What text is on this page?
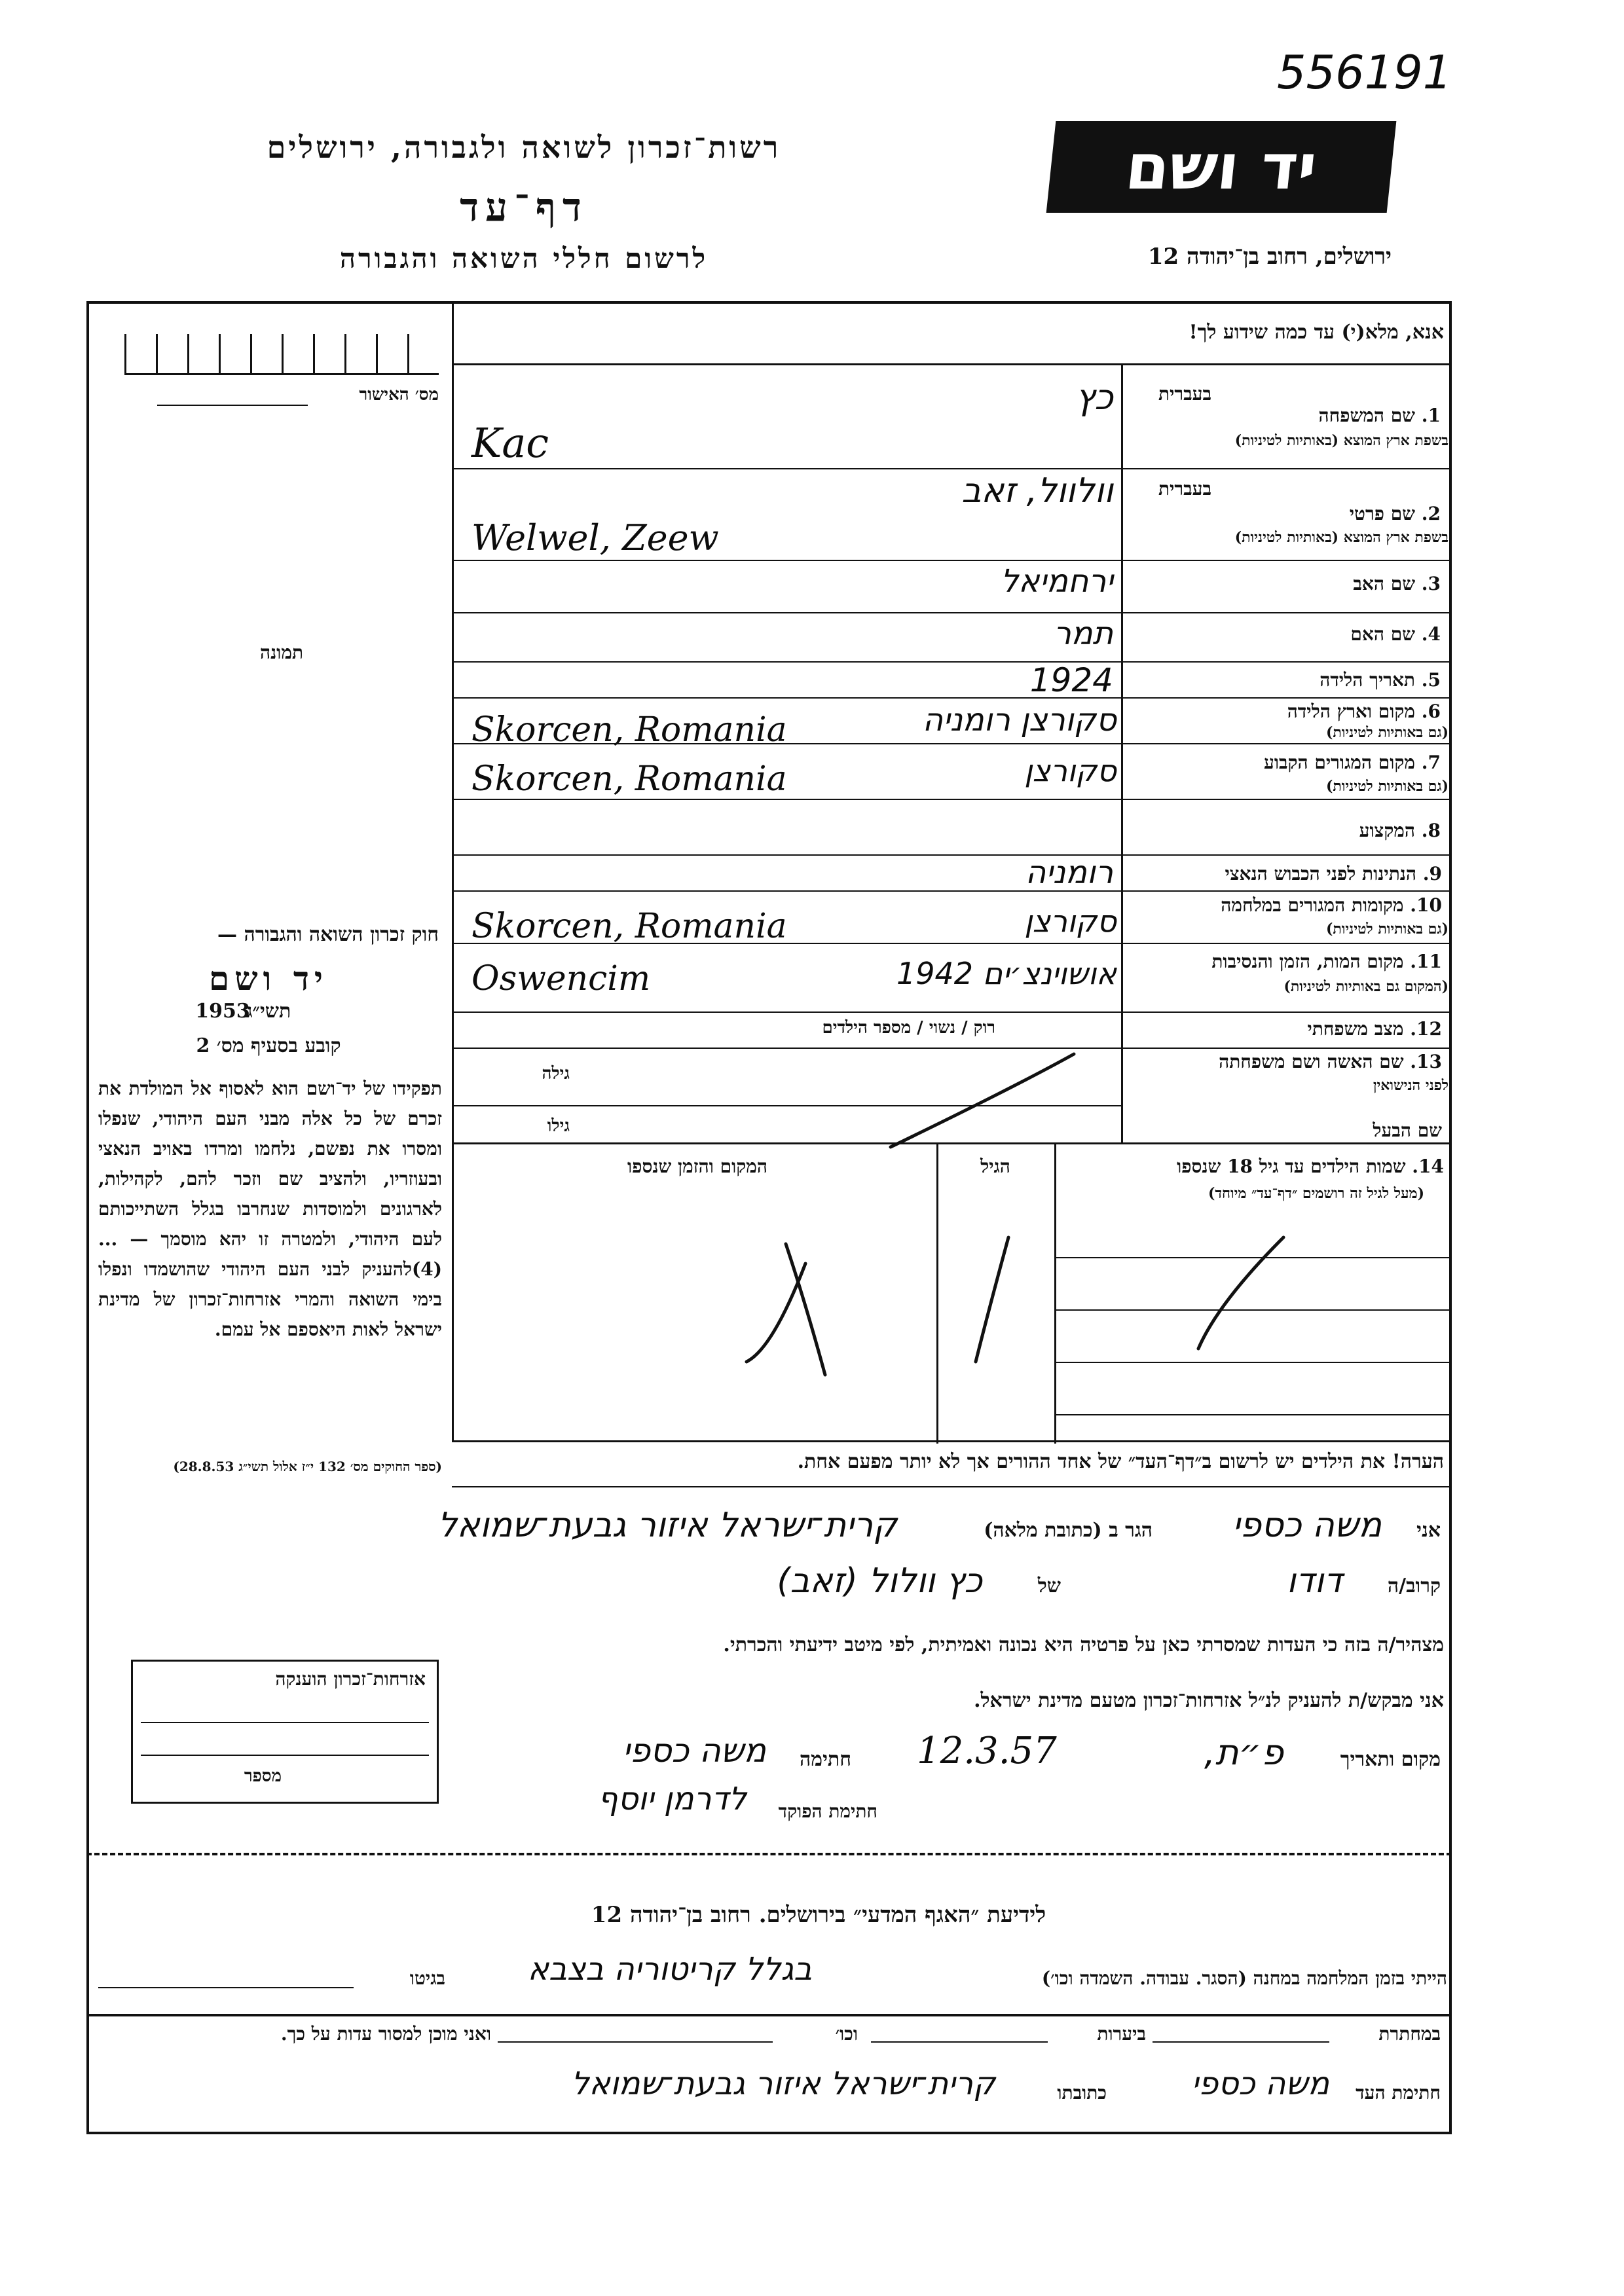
556191
יד ושם
ירושלים, רחוב בן־יהודה 12
רשות־זכרון לשואה ולגבורה, ירושלים
דף־עד
לרשום חללי השואה והגבורה
מס׳ האישור
תמונה
חוק זכרון השואה והגבורה —
יד ושם
תשי״ג
1953
קובע בסעיף מס׳ 2
תפקידו של יד־ושם הוא לאסוף אל המולדת את זכרם של כל אלה מבני העם היהודי, שנפלו ומסרו את נפשם, נלחמו ומרדו באויב הנאצי ובעוזריו, ולהציב שם וזכר להם, לקהילות, לארגונים ולמוסדות שנחרבו בגלל השתייכותם לעם היהודי, ולמטרה זו יהא מוסמך — ...(4)להעניק לבני העם היהודי שהושמדו ונפלו בימי השואה והמרי אזרחות־זכרון של מדינת ישראל לאות היאספם אל עמם.
(ספר החוקים מס׳ 132 י״ז אלול תשי״ג 28.8.53)
אזרחות־זכרון הוענקה
מספר
אנא, מלא(י) עד כמה שידוע לך!
בעברית
1. שם המשפחה
בשפת ארץ המוצא (באותיות לטיניות)
כץ
Kac
בעברית
2. שם פרטי
בשפת ארץ המוצא (באותיות לטיניות)
וולוול, זאב
Welwel, Zeew
3. שם האב
ירחמיאל
4. שם האם
תמר
5. תאריך הלידה
1924
6. מקום וארץ הלידה
(גם באותיות לטיניות)
סקורצן רומניה
Skorcen, Romania
7. מקום המגורים הקבוע
(גם באותיות לטיניות)
סקורצן
Skorcen, Romania
8. המקצוע
9. הנתינות לפני הכבוש הנאצי
רומניה
10. מקומות המגורים במלחמה
(גם באותיות לטיניות)
סקורצן
Skorcen, Romania
11. מקום המות, הזמן והנסיבות
(המקום גם באותיות לטיניות)
אושוינצ׳ים 1942
Oswencim
12. מצב משפחתי
רוק / נשוי / מספר הילדים
13. שם האשה ושם משפחתה
לפני הנישואין
גילה
שם הבעל
גילו
14. שמות הילדים עד גיל 18 שנספו
(מעל לגיל זה רושמים ״דף־עד״ מיוחד)
הגיל
המקום והזמן שנספו
הערה! את הילדים יש לרשום ב״דף־העד״ של אחד ההורים אך לא יותר מפעם אחת.
אני
משה כספי
הגר ב (כתובת מלאה)
קרית־ישראל איזור גבעת־שמואל
קרוב/ה
דודו
של
כץ וולול (זאב)
מצהיר/ה בזה כי העדות שמסרתי כאן על פרטיה היא נכונה ואמיתית, לפי מיטב ידיעתי והכרתי.
אני מבקש/ת להעניק לנ״ל אזרחות־זכרון מטעם מדינת ישראל.
מקום ותאריך
פ״ת,
12.3.57
חתימה
משה כספי
חתימת הפוקד
לדרמן יוסף
לידיעת ״האגף המדעי״ בירושלים. רחוב בן־יהודה 12
הייתי בזמן המלחמה במחנה (הסגר. עבודה. השמדה וכו׳)
בגלל קריטוריה בצבא
בגיטו
במחתרת
ביערות
וכו׳
ואני מוכן למסור עדות על כך.
חתימת העד
משה כספי
כתובתו
קרית־ישראל איזור גבעת־שמואל
